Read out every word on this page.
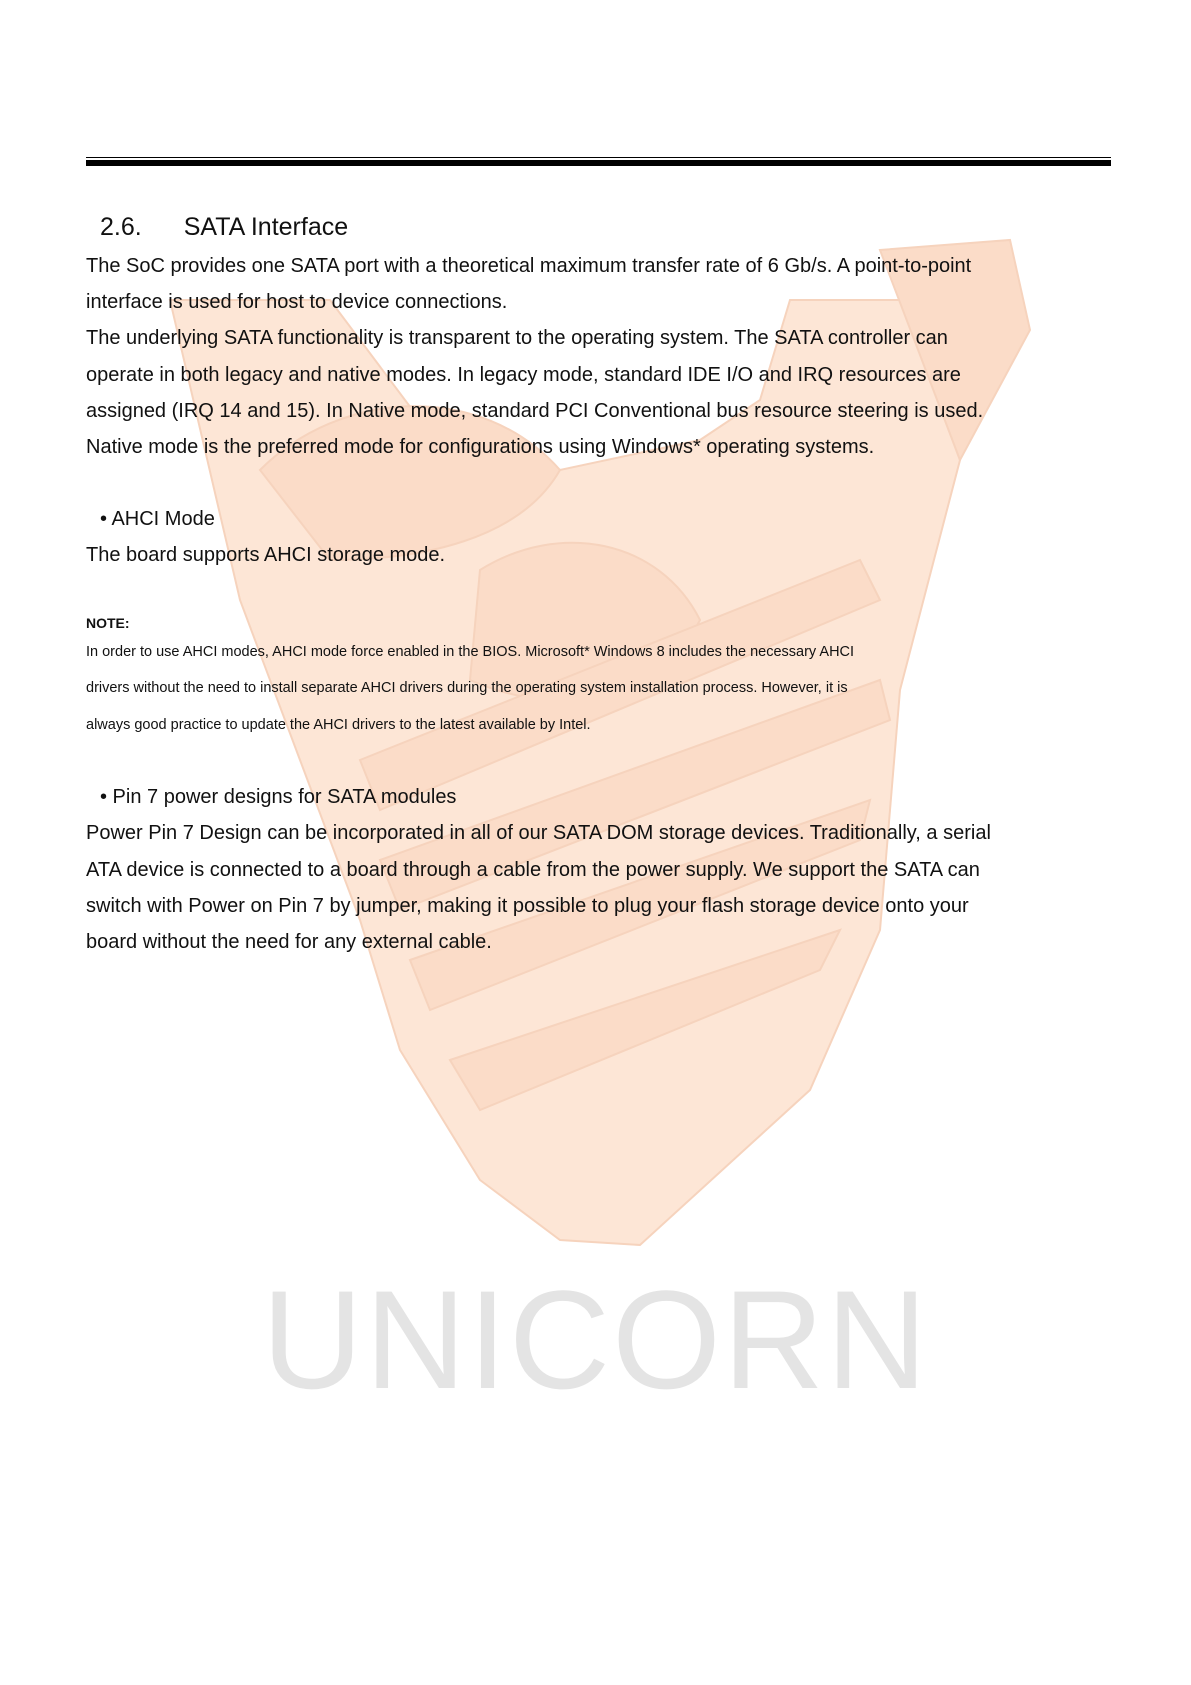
UNICORN
2.6. SATA Interface

The SoC provides one SATA port with a theoretical maximum transfer rate of 6 Gb/s. A point-to-point

interface is used for host to device connections.

The underlying SATA functionality is transparent to the operating system. The SATA controller can

operate in both legacy and native modes. In legacy mode, standard IDE I/O and IRQ resources are

assigned (IRQ 14 and 15). In Native mode, standard PCI Conventional bus resource steering is used.

Native mode is the preferred mode for configurations using Windows* operating systems.

• AHCI Mode

The board supports AHCI storage mode.

NOTE:

In order to use AHCI modes, AHCI mode force enabled in the BIOS. Microsoft* Windows 8 includes the necessary AHCI

drivers without the need to install separate AHCI drivers during the operating system installation process. However, it is

always good practice to update the AHCI drivers to the latest available by Intel.

• Pin 7 power designs for SATA modules

Power Pin 7 Design can be incorporated in all of our SATA DOM storage devices. Traditionally, a serial

ATA device is connected to a board through a cable from the power supply. We support the SATA can

switch with Power on Pin 7 by jumper, making it possible to plug your flash storage device onto your

board without the need for any external cable.
